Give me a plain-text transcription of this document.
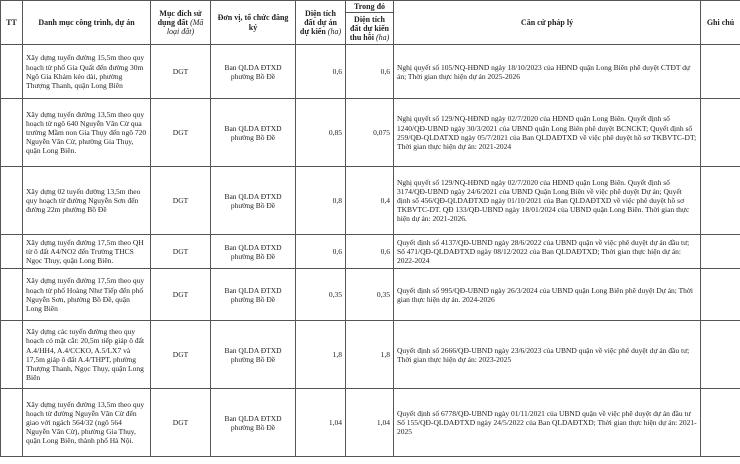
TT	Danh mục công trình, dự án	Mục đích sử dụng đất (Mã loại đất)	Đơn vị, tổ chức đăng ký	Diện tích đất dự án dự kiến (ha)	Trong đó	Căn cứ pháp lý	Ghi chú
					Diện tích đất dự kiến thu hồi (ha)		
	Xây dựng tuyến đường 15,5m theo quy hoạch từ phố Gia Quất đến đường 30m Ngô Gia Khảm kéo dài, phường Thượng Thanh, quận Long Biên	DGT	Ban QLDA ĐTXD phường Bồ Đề	0,6	0,6	Nghị quyết số 105/NQ-HĐND ngày 18/10/2023 của HĐND quận Long Biên phê duyệt CTĐT dự án; Thời gian thực hiện dự án 2025-2026	
	Xây dựng tuyến đường 13,5m theo quy hoạch từ ngõ 640 Nguyễn Văn Cừ qua trường Mầm non Gia Thụy đến ngõ 720 Nguyễn Văn Cừ, phường Gia Thụy, quận Long Biên.	DGT	Ban QLDA ĐTXD phường Bồ Đề	0,85	0,075	Nghị quyết số 129/NQ-HĐND ngày 02/7/2020 của HĐND quận Long Biên. Quyết định số 1240/QĐ-UBND ngày 30/3/2021 của UBND quận Long Biên phê duyệt BCNCKT; Quyết định số 259/QĐ-QLDATXD ngày 05/7/2021 của Ban QLDAĐTXD về việc phê duyệt hồ sơ TKBVTC-DT; Thời gian thực hiện dự án: 2021-2024	
	Xây dựng 02 tuyến đường 13,5m theo quy hoạch từ đường Nguyễn Sơn đến đường 22m phường Bồ Đề	DGT	Ban QLDA ĐTXD phường Bồ Đề	0,8	0,4	Nghị quyết số 129/NQ-HĐND ngày 02/7/2020 của HĐND quận Long Biên. Quyết định số 3174/QĐ-UBND ngày 24/6/2021 của UBND Quận Long Biên về việc phê duyệt Dự án; Quyết định số 456/QĐ-QLDAĐTXD ngày 01/10/2021 của Ban QLDAĐTXD về việc phê duyệt hồ sơ TKBVTC-DT. QĐ 133/QĐ-UBND ngày 18/01/2024 của UBND quận Long Biên. Thời gian thực hiện dự án: 2021-2026.	
	Xây dựng tuyến đường 17,5m theo QH từ ô đất A4/NO2 đến Trường THCS Ngọc Thụy, quận Long Biên.	DGT	Ban QLDA ĐTXD phường Bồ Đề	0,6	0,6	Quyết định số 4137/QĐ-UBND ngày 28/6/2022 của UBND quận về việc phê duyệt dự án đầu tư; Số 471/QĐ-QLDAĐTXD ngày 08/12/2022 của Ban QLDAĐTXD; Thời gian thực hiện dự án: 2022-2024	
	Xây dựng tuyến đường 17,5m theo quy hoạch từ phố Hoàng Như Tiếp đến phố Nguyễn Sơn, phường Bồ Đề, quận Long Biên	DGT	Ban QLDA ĐTXD phường Bồ Đề	0,35	0,35	Quyết định số 995/QĐ-UBND ngày 26/3/2024 của UBND quận Long Biên phê duyệt Dự án; Thời gian thực hiện dự án. 2024-2026	
	Xây dựng các tuyến đường theo quy hoạch có mặt cắt: 20,5m tiếp giáp ô đất A.4/HH4, A.4/CCKO, A.5/LX7 và 17,5m giáp ô đất A.4/THPT, phường Thượng Thanh, Ngọc Thụy, quận Long Biên	DGT	Ban QLDA ĐTXD phường Bồ Đề	1,8	1,8	Quyết định số 2666/QĐ-UBND ngày 23/6/2023 của UBND quận về việc phê duyệt dự án đầu tư; Thời gian thực hiện dự án: 2023-2025	
	Xây dựng tuyến đường 13,5m theo quy hoạch từ đường Nguyễn Văn Cừ đến giao với ngách 564/32 (ngõ 564 Nguyễn Văn Cừ), phường Gia Thụy, quận Long Biên, thành phố Hà Nội.	DGT	Ban QLDA ĐTXD phường Bồ Đề	1,04	1,04	Quyết định số 6778/QĐ-UBND ngày 01/11/2021 của UBND quận về việc phê duyệt dự án đầu tư Số 155/QĐ-QLDAĐTXD ngày 24/5/2022 của Ban QLDAĐTXD; Thời gian thực hiện dự án: 2021-2025	
